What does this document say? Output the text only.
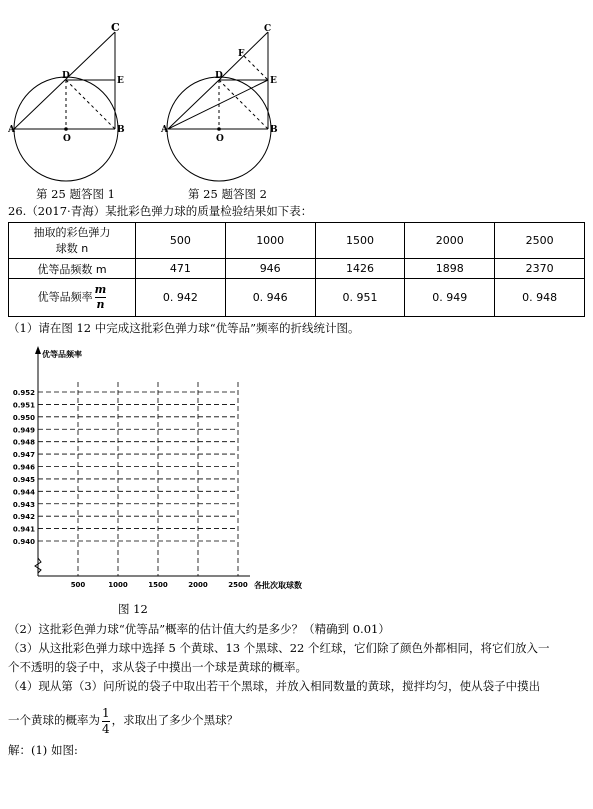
C
D	E
A
O
B
第 25 题答图 1
C
F
D	E
A
O
B
第 25 题答图 2
26.（2017·青海）某批彩色弹力球的质量检验结果如下表：
抽取的彩色弹力
球数 n	500	1000	1500	2000	2500
优等品频数 m	471	946	1426	1898	2370
优等品频率 $\frac{m}{n}$	0. 942	0. 946	0. 951	0. 949	0. 948
（1）请在图 12 中完成这批彩色弹力球“优等品”频率的折线统计图。
0.952
0.951
0.950
0.949
0.948
0.947
0.946
0.945
0.944
0.943
0.942
0.941
0.940
500	1000	1500	2000	2500
优等品频率
各批次取球数
图 12
（2）这批彩色弹力球“优等品”概率的估计值大约是多少？（精确到 0.01）
（3）从这批彩色弹力球中选择 5 个黄球、13 个黑球、22 个红球，它们除了颜色外都相同，将它们放入一
个不透明的袋子中，求从袋子中摸出一个球是黄球的概率。
（4）现从第（3）问所说的袋子中取出若干个黑球，并放入相同数量的黄球，搅拌均匀，使从袋子中摸出
一个黄球的概率为 $\frac{1}{4}$ ，求取出了多少个黑球？
解：(1) 如图:
